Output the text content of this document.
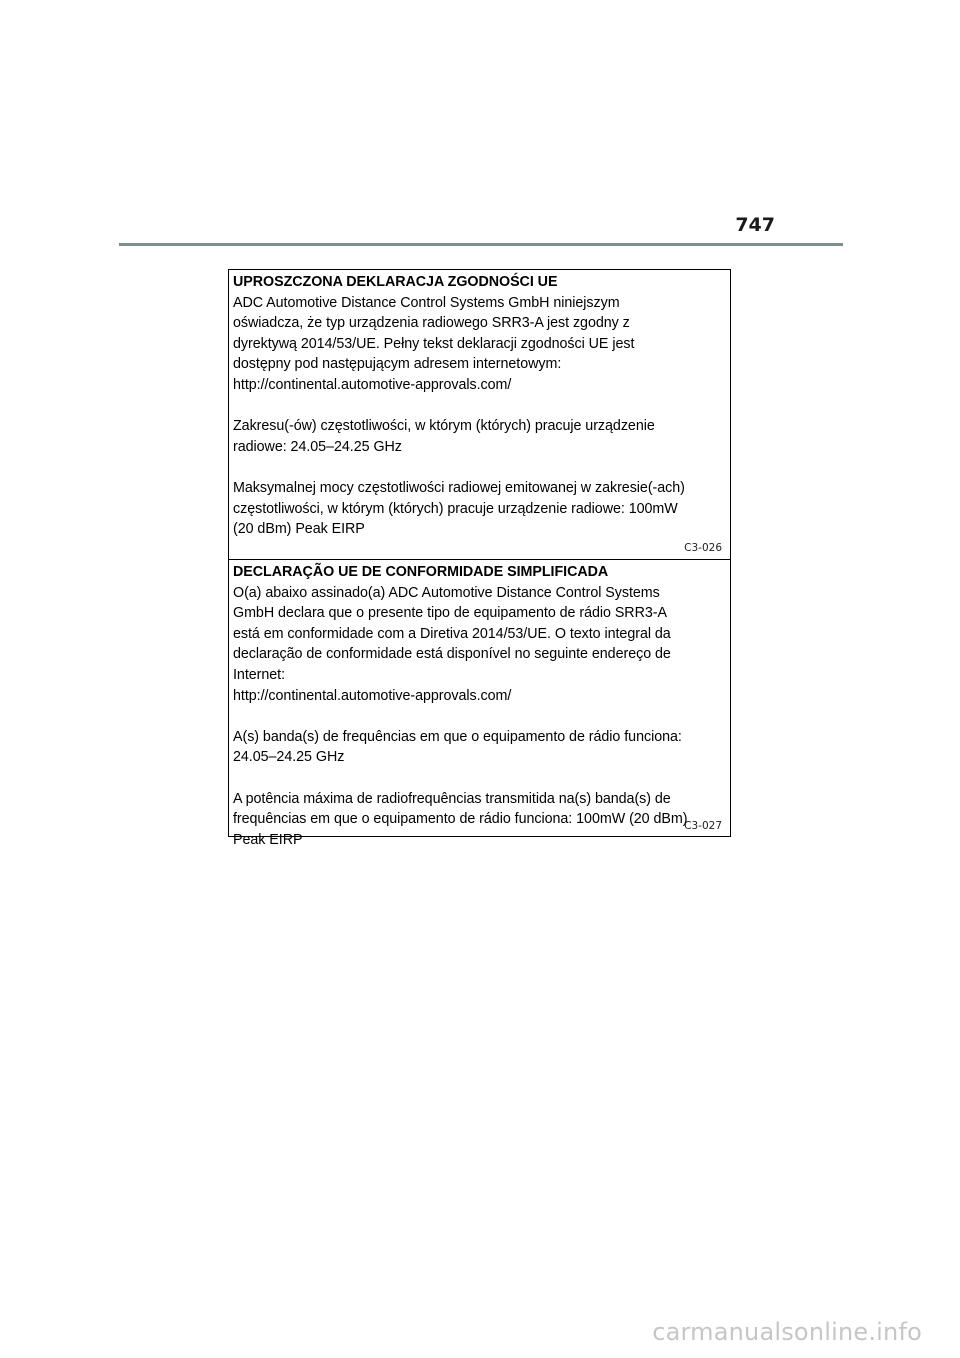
747
UPROSZCZONA DEKLARACJA ZGODNOŚCI UE
ADC Automotive Distance Control Systems GmbH niniejszym
oświadcza, że typ urządzenia radiowego SRR3-A jest zgodny z
dyrektywą 2014/53/UE. Pełny tekst deklaracji zgodności UE jest
dostępny pod następującym adresem internetowym:
http://continental.automotive-approvals.com/
Zakresu(-ów) częstotliwości, w którym (których) pracuje urządzenie
radiowe: 24.05–24.25 GHz
Maksymalnej mocy częstotliwości radiowej emitowanej w zakresie(-ach)
częstotliwości, w którym (których) pracuje urządzenie radiowe: 100mW
(20 dBm) Peak EIRP
C3-026
DECLARAÇÃO UE DE CONFORMIDADE SIMPLIFICADA
O(a) abaixo assinado(a) ADC Automotive Distance Control Systems
GmbH declara que o presente tipo de equipamento de rádio SRR3-A
está em conformidade com a Diretiva 2014/53/UE. O texto integral da
declaração de conformidade está disponível no seguinte endereço de
Internet:
http://continental.automotive-approvals.com/
A(s) banda(s) de frequências em que o equipamento de rádio funciona:
24.05–24.25 GHz
A potência máxima de radiofrequências transmitida na(s) banda(s) de
frequências em que o equipamento de rádio funciona: 100mW (20 dBm)
Peak EIRP
C3-027
carmanualsonline.info
